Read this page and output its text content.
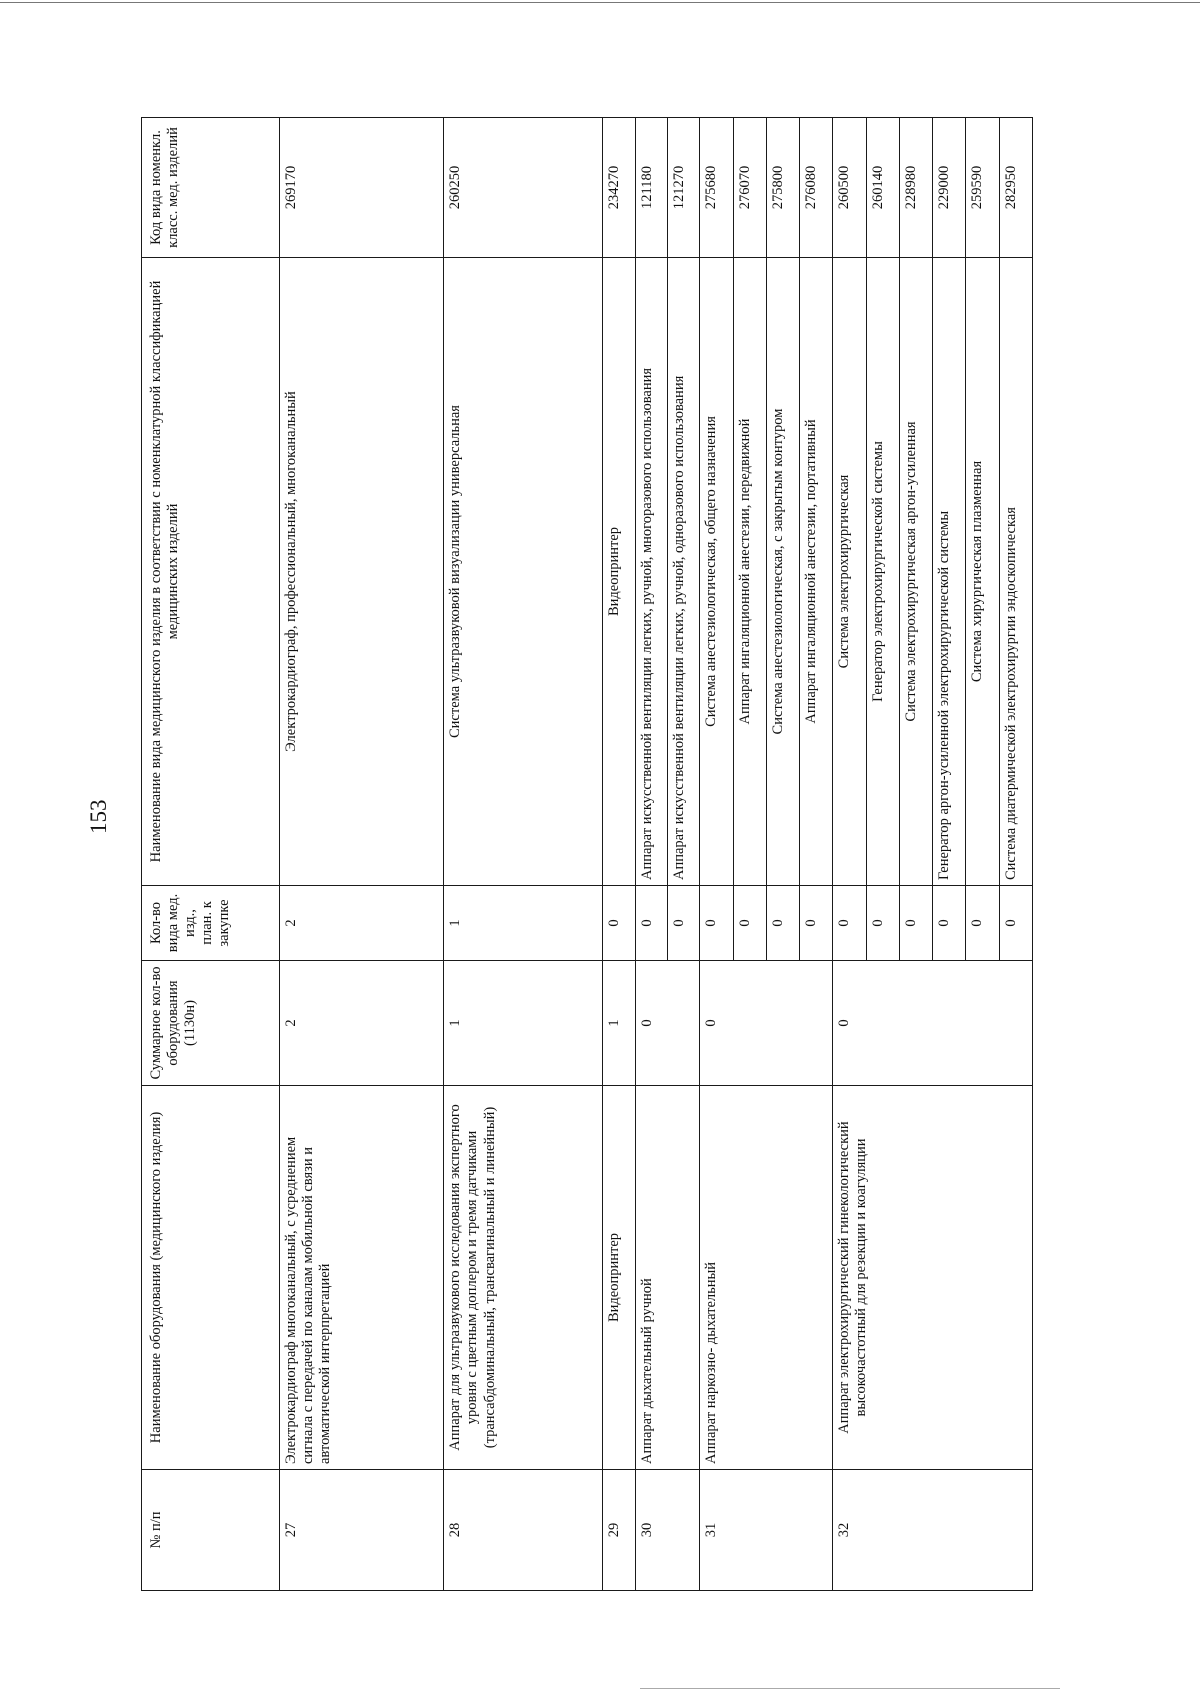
153
№ п/п	Наименование оборудования (медицинского изделия)	Суммарное кол-во оборудования (1130н)	Кол-во вида мед. изд., план. к закупке	Наименование вида медицинского изделия в соответствии с номенклатурной классификацией медицинских изделий	Код вида номенкл. класс. мед. изделий
27	Электрокардиограф многоканальный, с усреднением сигнала с передачей по каналам мобильной связи и автоматической интерпретацией	2	2	Электрокардиограф, профессиональный, многоканальный	269170
28	Аппарат для ультразвукового исследования экспертного уровня с цветным доплером и тремя датчиками (трансабдоминальный, трансвагинальный и линейный)	1	1	Система ультразвуковой визуализации универсальная	260250
29	Видеопринтер	1	0	Видеопринтер	234270
30	Аппарат дыхательный ручной	0	0	Аппарат искусственной вентиляции легких, ручной, многоразового использования	121180
			0	Аппарат искусственной вентиляции легких, ручной, одноразового использования	121270
31	Аппарат наркозно- дыхательный	0	0	Система анестезиологическая, общего назначения	275680
			0	Аппарат ингаляционной анестезии, передвижной	276070
			0	Система анестезиологическая, с закрытым контуром	275800
			0	Аппарат ингаляционной анестезии, портативный	276080
32	Аппарат электрохирургический гинекологический высокочастотный для резекции и коагуляции	0	0	Система электрохирургическая	260500
			0	Генератор электрохирургической системы	260140
			0	Система электрохирургическая аргон-усиленная	228980
			0	Генератор аргон-усиленной электрохирургической системы	229000
			0	Система хирургическая плазменная	259590
			0	Система диатермической электрохирургии эндоскопическая	282950
